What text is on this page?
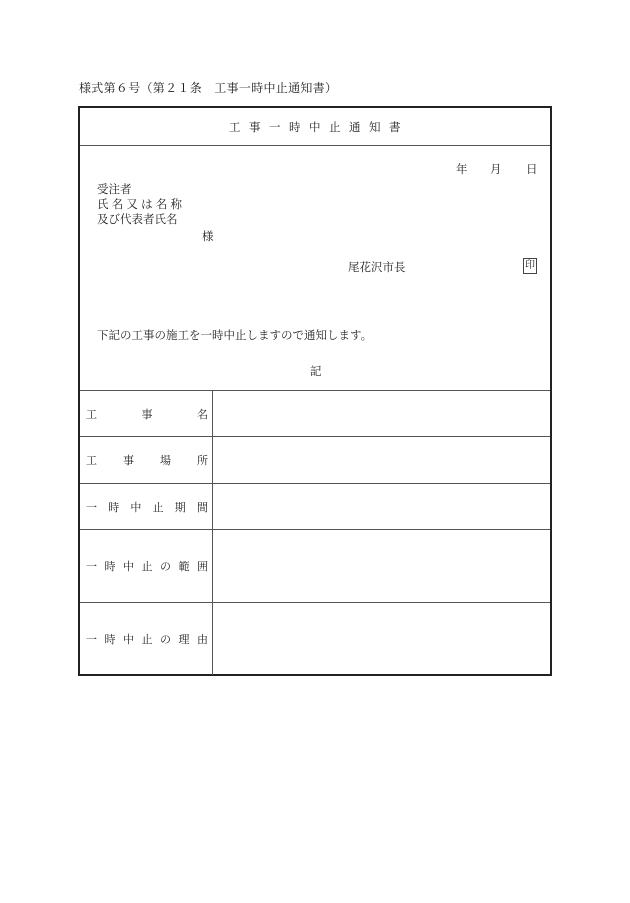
様式第６号（第２１条　工事一時中止通知書）
工事一時中止通知書
年 月 日
受注者
氏名又は名称
及び代表者氏名
様
尾花沢市長	印
下記の工事の施工を一時中止しますので通知します。
記
工	事	名
工 事 場 所
一 時 中 止 期 間
一 時 中 止 の 範 囲
一 時 中 止 の 理 由
